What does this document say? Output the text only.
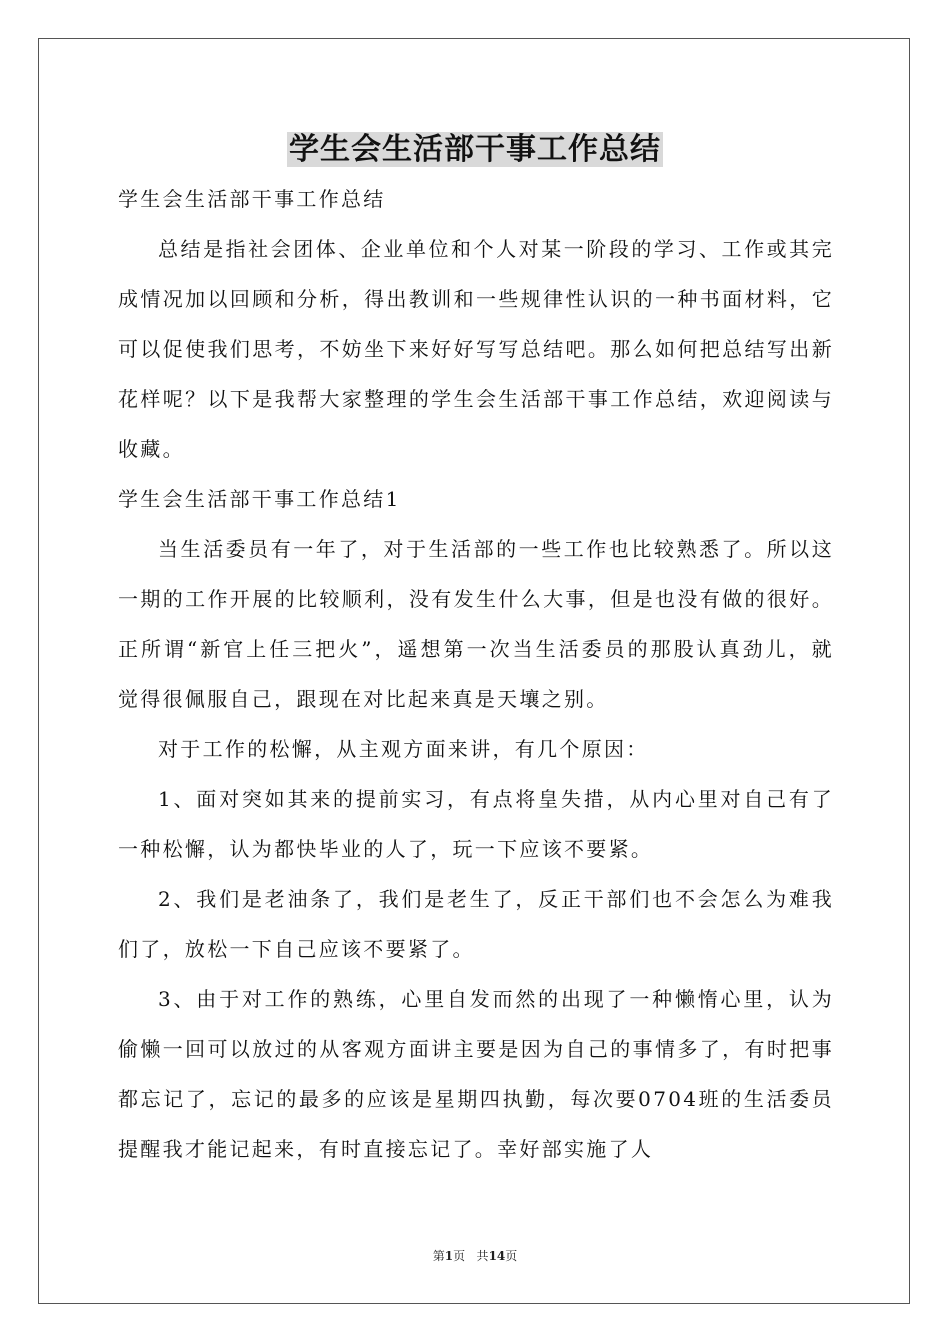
学生会生活部干事工作总结

学生会生活部干事工作总结

总结是指社会团体、企业单位和个人对某一阶段的学习、工作或其完成情况加以回顾和分析，得出教训和一些规律性认识的一种书面材料，它可以促使我们思考，不妨坐下来好好写写总结吧。那么如何把总结写出新花样呢？以下是我帮大家整理的学生会生活部干事工作总结，欢迎阅读与收藏。

学生会生活部干事工作总结1

当生活委员有一年了，对于生活部的一些工作也比较熟悉了。所以这一期的工作开展的比较顺利，没有发生什么大事，但是也没有做的很好。正所谓“新官上任三把火”，遥想第一次当生活委员的那股认真劲儿，就觉得很佩服自己，跟现在对比起来真是天壤之别。

对于工作的松懈，从主观方面来讲，有几个原因：

1、面对突如其来的提前实习，有点将皇失措，从内心里对自己有了一种松懈，认为都快毕业的人了，玩一下应该不要紧。

2、我们是老油条了，我们是老生了，反正干部们也不会怎么为难我们了，放松一下自己应该不要紧了。

3、由于对工作的熟练，心里自发而然的出现了一种懒惰心里，认为偷懒一回可以放过的从客观方面讲主要是因为自己的事情多了，有时把事都忘记了，忘记的最多的应该是星期四执勤，每次要0704班的生活委员提醒我才能记起来，有时直接忘记了。幸好部实施了人

第1页 共14页
